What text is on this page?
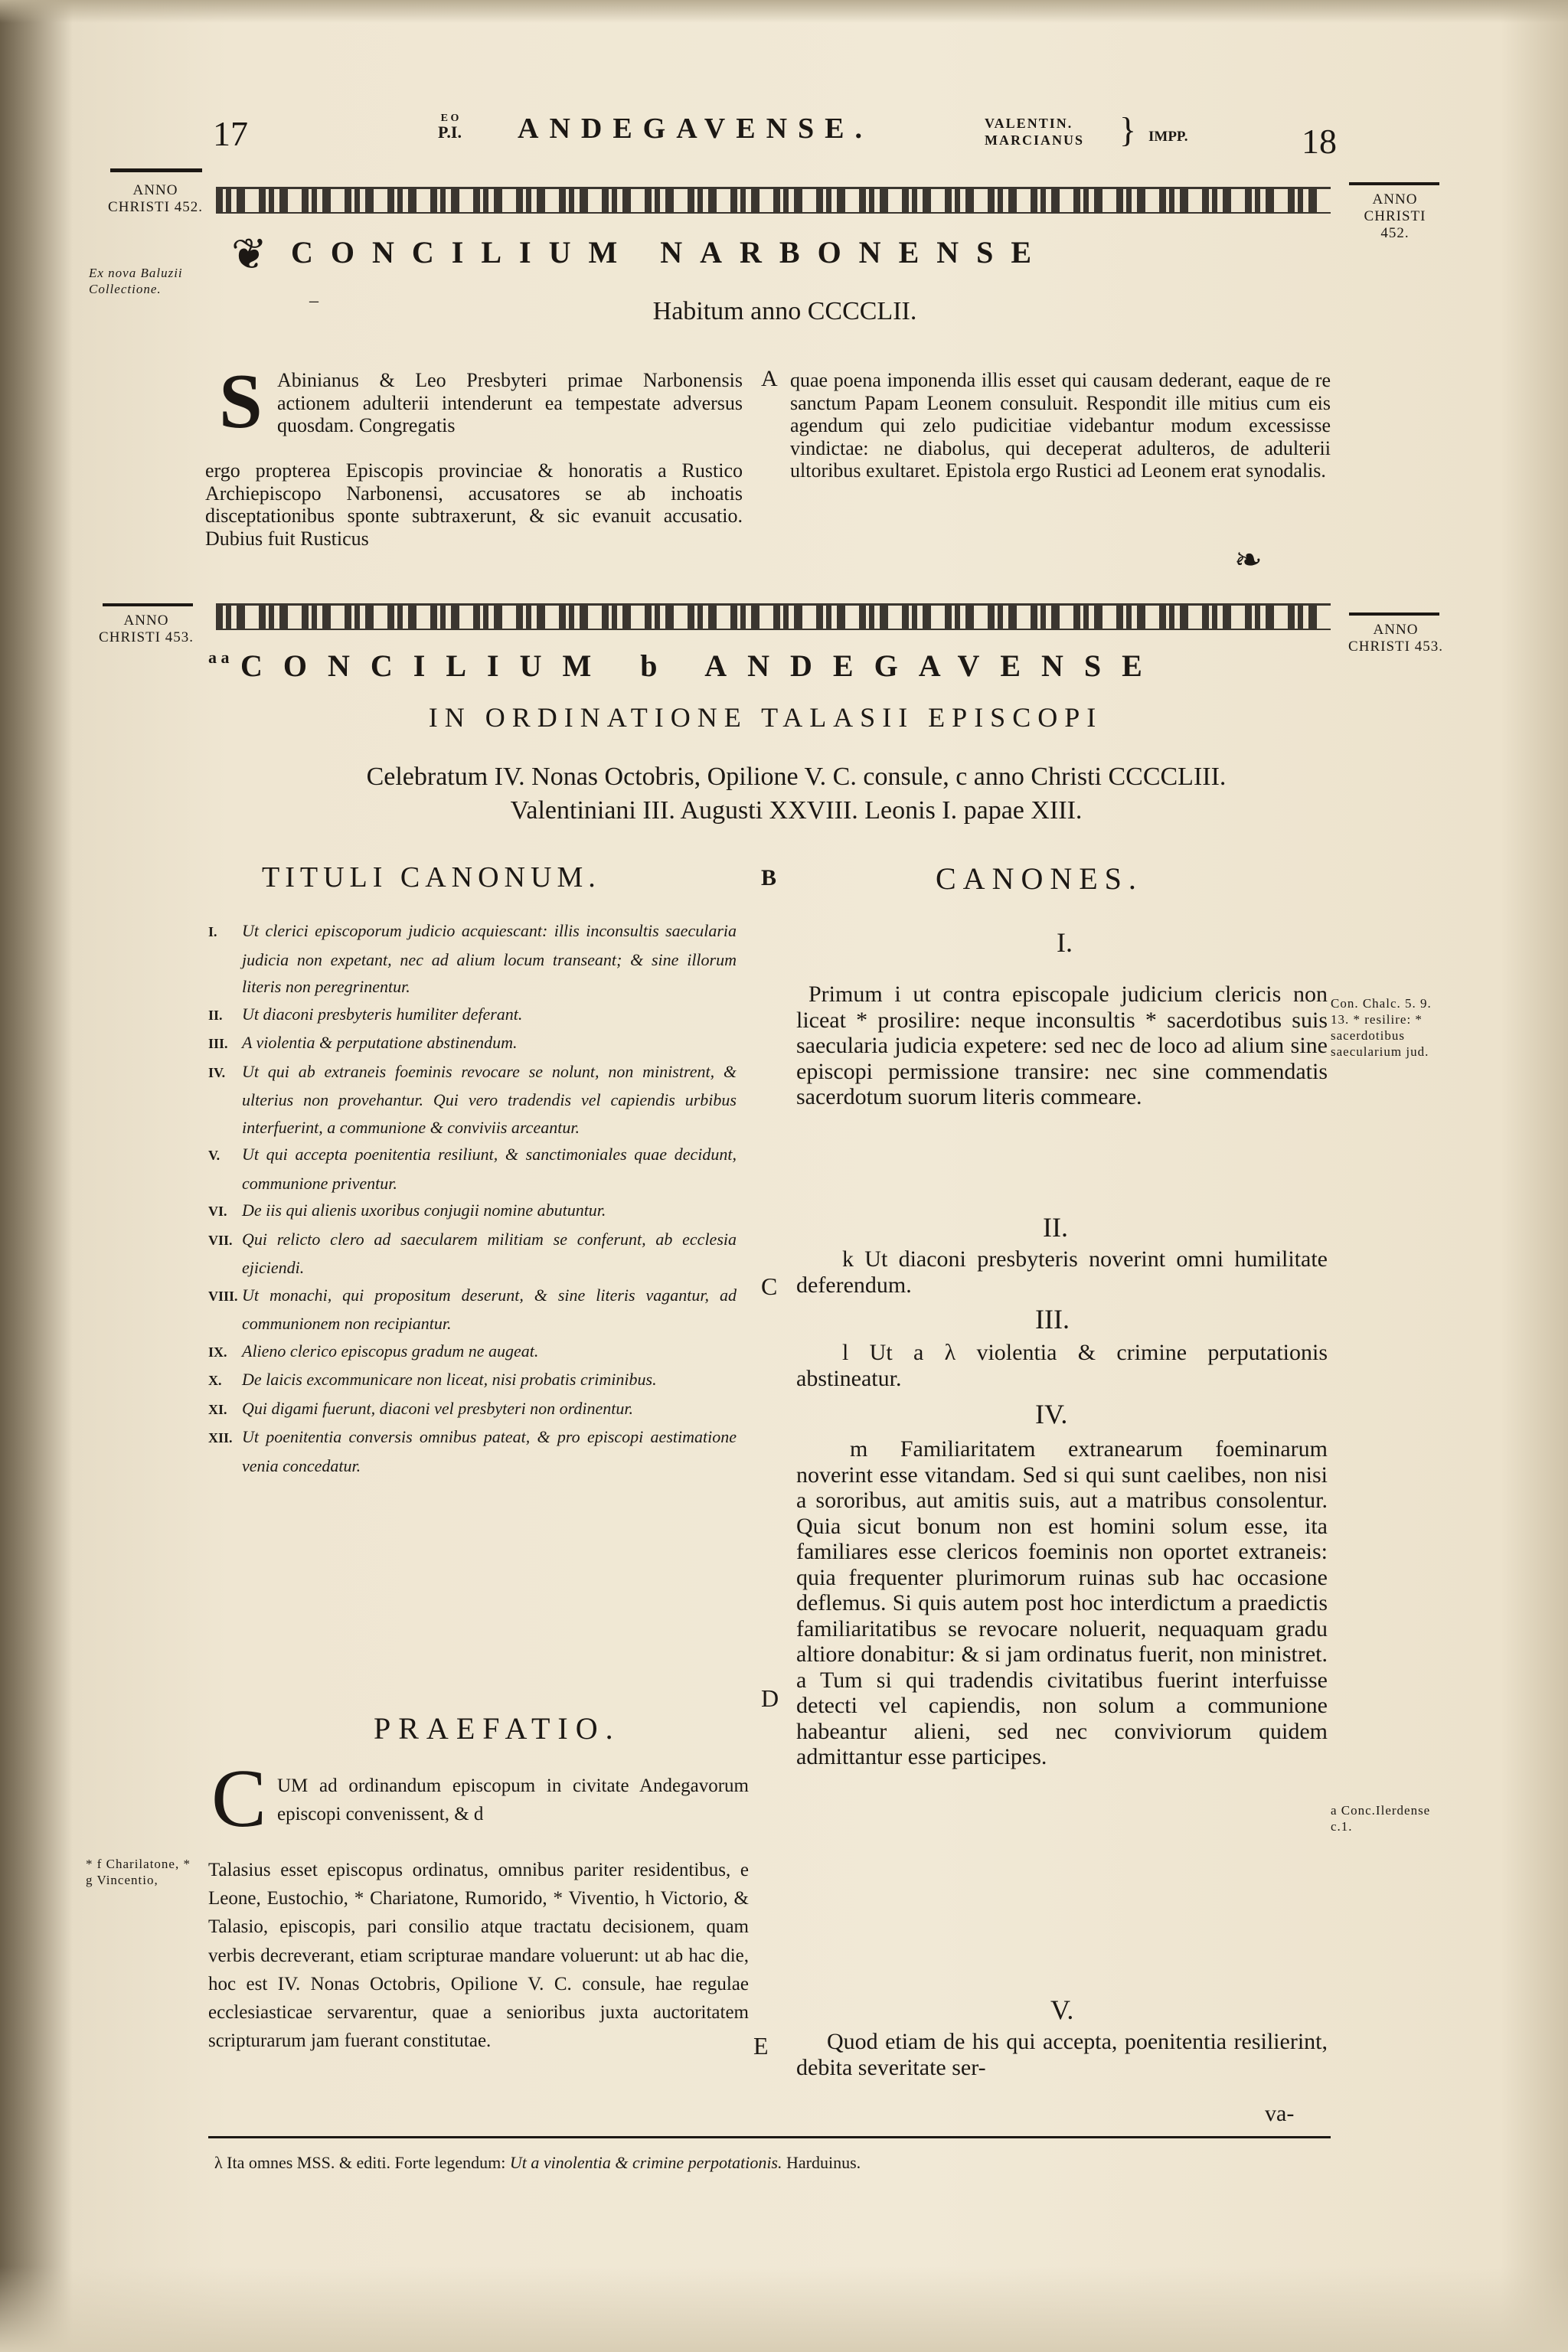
17	E O
P.I. ANDEGAVENSE.	VALENTIN.
MARCIANUS } IMPP.	18
ANNO CHRISTI 452.
Ex nova Baluzii Collectione.
ANNO CHRISTI 452.
ANNO CHRISTI 453.	ANNO CHRISTI 453.
Con. Chalc. 5. 9. 13. * resilire: * sacerdotibus saecularium jud.
a Conc.Ilerdense c.1.
* f Charilatone, * g Vincentio,
❦ CONCILIUM NARBONENSE
–	Habitum anno CCCCLII.
S Abinianus & Leo Presbyteri primae Narbonensis actionem adulterii intenderunt ea tempestate adversus quosdam. Congregatis
ergo propterea Episcopis provinciae & honoratis a Rustico Archiepiscopo Narbonensi, accusatores se ab inchoatis disceptationibus sponte subtraxerunt, & sic evanuit accusatio. Dubius fuit Rusticus
A quae poena imponenda illis esset qui causam dederant, eaque de re sanctum Papam Leonem consuluit. Respondit ille mitius cum eis agendum qui zelo pudicitiae videbantur modum excessisse vindictae: ne diabolus, qui deceperat adulteros, de adulterii ultoribus exultaret. Epistola ergo Rustici ad Leonem erat synodalis.
❧
a a CONCILIUM b ANDEGAVENSE
IN ORDINATIONE TALASII EPISCOPI
Celebratum IV. Nonas Octobris, Opilione V. C. consule, c anno Christi CCCCLIII.
Valentiniani III. Augusti XXVIII. Leonis I. papae XIII.
TITULI CANONUM.	B	CANONES.
I. Ut clerici episcoporum judicio acquiescant: illis inconsultis saecularia judicia non expetant, nec ad alium locum transeant; & sine illorum literis non peregrinentur.
II. Ut diaconi presbyteris humiliter deferant.
III. A violentia & perputatione abstinendum.
IV. Ut qui ab extraneis foeminis revocare se nolunt, non ministrent, & ulterius non provehantur. Qui vero tradendis vel capiendis urbibus interfuerint, a communione & conviviis arceantur.
V. Ut qui accepta poenitentia resiliunt, & sanctimoniales quae decidunt, communione priventur.
VI. De iis qui alienis uxoribus conjugii nomine abutuntur.
VII. Qui relicto clero ad saecularem militiam se conferunt, ab ecclesia ejiciendi.
VIII. Ut monachi, qui propositum deserunt, & sine literis vagantur, ad communionem non recipiantur.
IX. Alieno clerico episcopus gradum ne augeat.
X. De laicis excommunicare non liceat, nisi probatis criminibus.
XI. Qui digami fuerunt, diaconi vel presbyteri non ordinentur.
XII. Ut poenitentia conversis omnibus pateat, & pro episcopi aestimatione venia concedatur.
PRAEFATIO.
C UM ad ordinandum episcopum in civitate Andegavorum episcopi convenissent, & d
Talasius esset episcopus ordinatus, omnibus pariter residentibus, e Leone, Eustochio, * Chariatone, Rumorido, * Viventio, h Victorio, & Talasio, episcopis, pari consilio atque tractatu decisionem, quam verbis decreverant, etiam scripturae mandare voluerunt: ut ab hac die, hoc est IV. Nonas Octobris, Opilione V. C. consule, hae regulae ecclesiasticae servarentur, quae a senioribus juxta auctoritatem scripturarum jam fuerant constitutae.
I.
Primum i ut contra episcopale judicium clericis non liceat * prosilire: neque inconsultis * sacerdotibus suis saecularia judicia expetere: sed nec de loco ad alium sine episcopi permissione transire: nec sine commendatis sacerdotum suorum literis commeare.
II.
k Ut diaconi presbyteris noverint omni humilitate deferendum.
III.
l Ut a λ violentia & crimine perputationis abstineatur.
IV.
m Familiaritatem extranearum foeminarum noverint esse vitandam. Sed si qui sunt caelibes, non nisi a sororibus, aut amitis suis, aut a matribus consolentur. Quia sicut bonum non est homini solum esse, ita familiares esse clericos foeminis non oportet extraneis: quia frequenter plurimorum ruinas sub hac occasione deflemus. Si quis autem post hoc interdictum a praedictis familiaritatibus se revocare noluerit, nequaquam gradu altiore donabitur: & si jam ordinatus fuerit, non ministret. a Tum si qui tradendis civitatibus fuerint interfuisse detecti vel capiendis, non solum a communione habeantur alieni, sed nec conviviorum quidem admittantur esse participes.
V.
Quod etiam de his qui accepta, poenitentia resilierint, debita severitate ser-
va-
C
D
E
λ Ita omnes MSS. & editi. Forte legendum: Ut a vinolentia & crimine perpotationis. Harduinus.
